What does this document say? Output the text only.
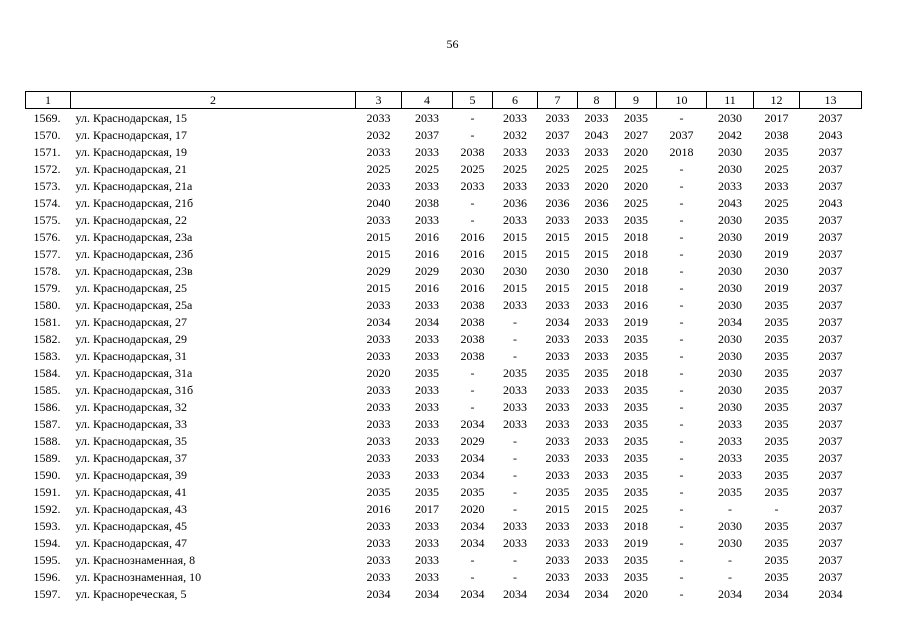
56
1	2	3	4	5	6	7	8	9	10	11	12	13
1569.	ул. Краснодарская, 15	2033	2033	-	2033	2033	2033	2035	-	2030	2017	2037
1570.	ул. Краснодарская, 17	2032	2037	-	2032	2037	2043	2027	2037	2042	2038	2043
1571.	ул. Краснодарская, 19	2033	2033	2038	2033	2033	2033	2020	2018	2030	2035	2037
1572.	ул. Краснодарская, 21	2025	2025	2025	2025	2025	2025	2025	-	2030	2025	2037
1573.	ул. Краснодарская, 21а	2033	2033	2033	2033	2033	2020	2020	-	2033	2033	2037
1574.	ул. Краснодарская, 21б	2040	2038	-	2036	2036	2036	2025	-	2043	2025	2043
1575.	ул. Краснодарская, 22	2033	2033	-	2033	2033	2033	2035	-	2030	2035	2037
1576.	ул. Краснодарская, 23а	2015	2016	2016	2015	2015	2015	2018	-	2030	2019	2037
1577.	ул. Краснодарская, 23б	2015	2016	2016	2015	2015	2015	2018	-	2030	2019	2037
1578.	ул. Краснодарская, 23в	2029	2029	2030	2030	2030	2030	2018	-	2030	2030	2037
1579.	ул. Краснодарская, 25	2015	2016	2016	2015	2015	2015	2018	-	2030	2019	2037
1580.	ул. Краснодарская, 25а	2033	2033	2038	2033	2033	2033	2016	-	2030	2035	2037
1581.	ул. Краснодарская, 27	2034	2034	2038	-	2034	2033	2019	-	2034	2035	2037
1582.	ул. Краснодарская, 29	2033	2033	2038	-	2033	2033	2035	-	2030	2035	2037
1583.	ул. Краснодарская, 31	2033	2033	2038	-	2033	2033	2035	-	2030	2035	2037
1584.	ул. Краснодарская, 31а	2020	2035	-	2035	2035	2035	2018	-	2030	2035	2037
1585.	ул. Краснодарская, 31б	2033	2033	-	2033	2033	2033	2035	-	2030	2035	2037
1586.	ул. Краснодарская, 32	2033	2033	-	2033	2033	2033	2035	-	2030	2035	2037
1587.	ул. Краснодарская, 33	2033	2033	2034	2033	2033	2033	2035	-	2033	2035	2037
1588.	ул. Краснодарская, 35	2033	2033	2029	-	2033	2033	2035	-	2033	2035	2037
1589.	ул. Краснодарская, 37	2033	2033	2034	-	2033	2033	2035	-	2033	2035	2037
1590.	ул. Краснодарская, 39	2033	2033	2034	-	2033	2033	2035	-	2033	2035	2037
1591.	ул. Краснодарская, 41	2035	2035	2035	-	2035	2035	2035	-	2035	2035	2037
1592.	ул. Краснодарская, 43	2016	2017	2020	-	2015	2015	2025	-	-	-	2037
1593.	ул. Краснодарская, 45	2033	2033	2034	2033	2033	2033	2018	-	2030	2035	2037
1594.	ул. Краснодарская, 47	2033	2033	2034	2033	2033	2033	2019	-	2030	2035	2037
1595.	ул. Краснознаменная, 8	2033	2033	-	-	2033	2033	2035	-	-	2035	2037
1596.	ул. Краснознаменная, 10	2033	2033	-	-	2033	2033	2035	-	-	2035	2037
1597.	ул. Краснореческая, 5	2034	2034	2034	2034	2034	2034	2020	-	2034	2034	2034
